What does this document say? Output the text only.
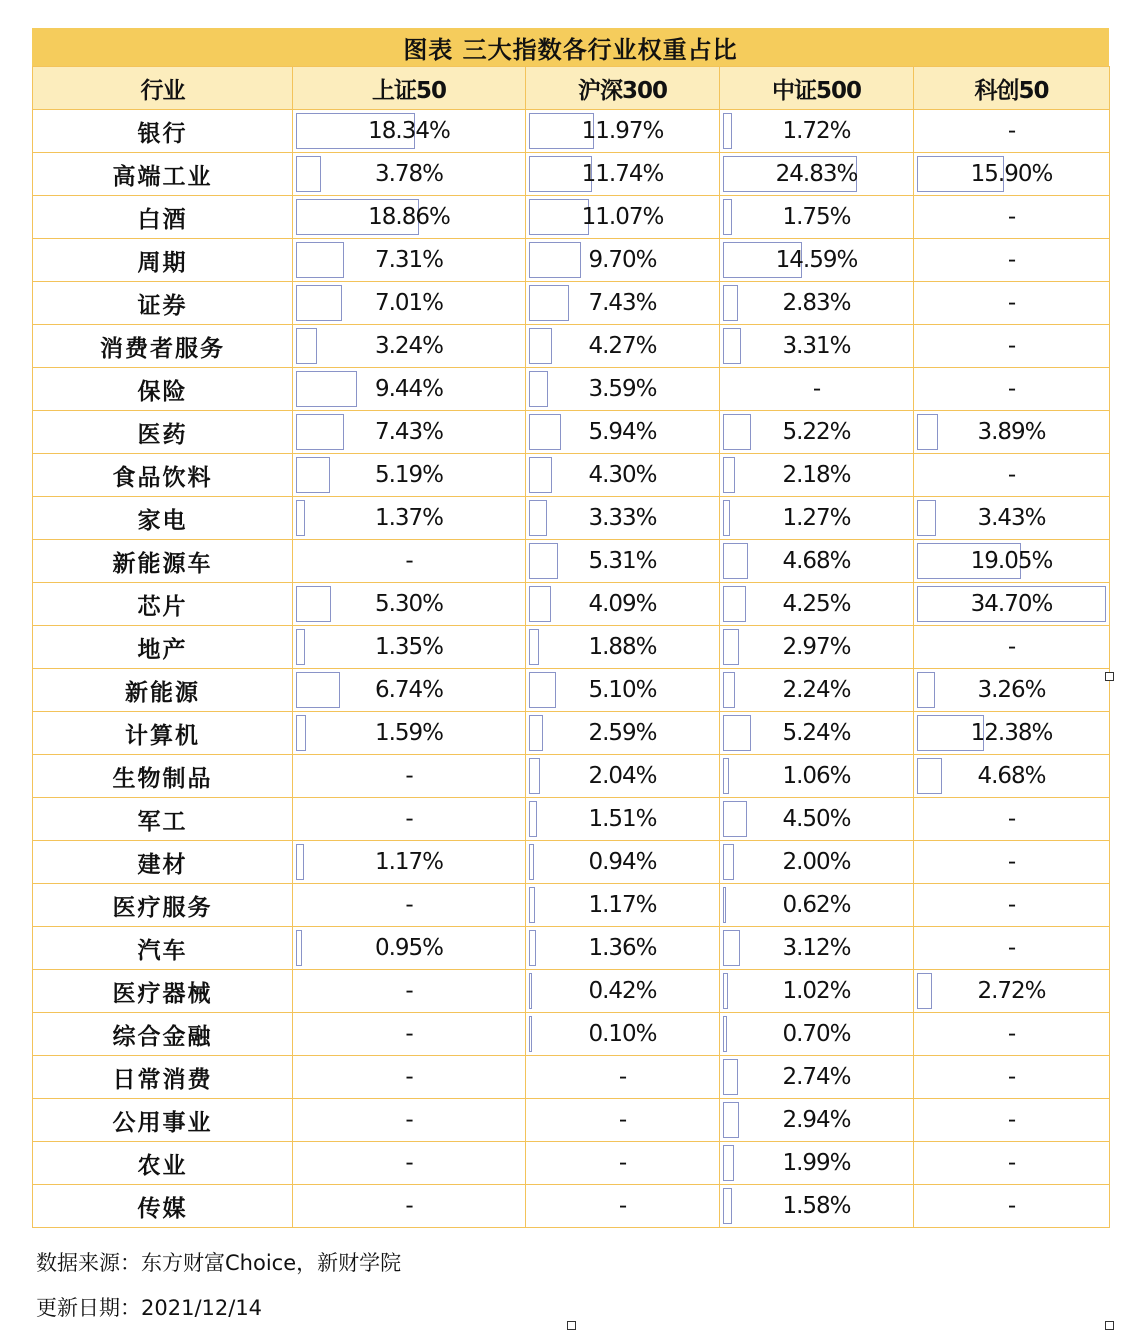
图表 三大指数各行业权重占比
行业	上证50	沪深300	中证500	科创50
银行	18.34%	11.97%	1.72%	-
高端工业	3.78%	11.74%	24.83%	15.90%
白酒	18.86%	11.07%	1.75%	-
周期	7.31%	9.70%	14.59%	-
证券	7.01%	7.43%	2.83%	-
消费者服务	3.24%	4.27%	3.31%	-
保险	9.44%	3.59%	-	-
医药	7.43%	5.94%	5.22%	3.89%
食品饮料	5.19%	4.30%	2.18%	-
家电	1.37%	3.33%	1.27%	3.43%
新能源车	-	5.31%	4.68%	19.05%
芯片	5.30%	4.09%	4.25%	34.70%
地产	1.35%	1.88%	2.97%	-
新能源	6.74%	5.10%	2.24%	3.26%
计算机	1.59%	2.59%	5.24%	12.38%
生物制品	-	2.04%	1.06%	4.68%
军工	-	1.51%	4.50%	-
建材	1.17%	0.94%	2.00%	-
医疗服务	-	1.17%	0.62%	-
汽车	0.95%	1.36%	3.12%	-
医疗器械	-	0.42%	1.02%	2.72%
综合金融	-	0.10%	0.70%	-
日常消费	-	-	2.74%	-
公用事业	-	-	2.94%	-
农业	-	-	1.99%	-
传媒	-	-	1.58%	-
数据来源：东方财富Choice，新财学院
更新日期：2021/12/14
